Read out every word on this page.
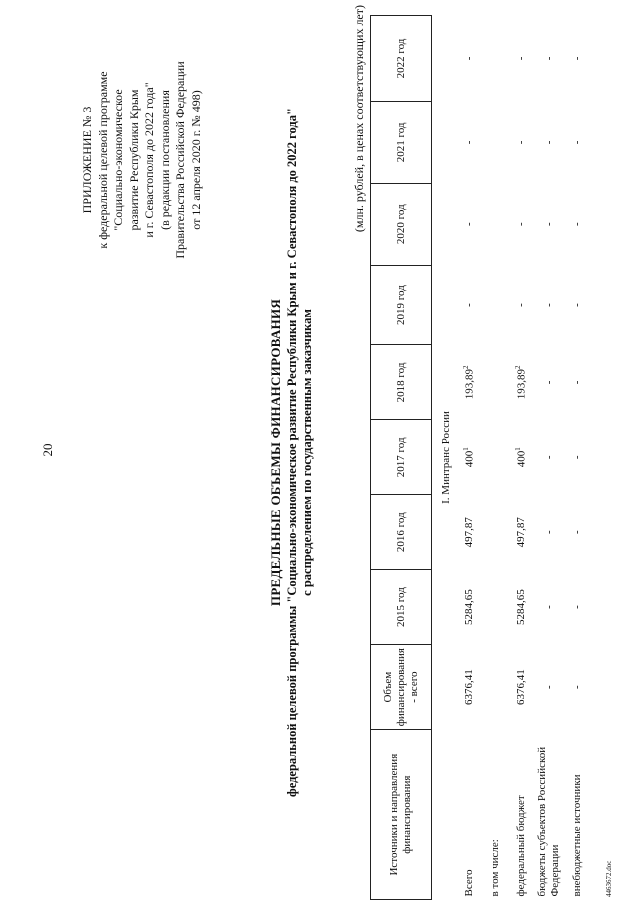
20
ПРИЛОЖЕНИЕ № 3 к федеральной целевой программе "Социально-экономическое развитие Республики Крым и г. Севастополя до 2022 года" (в редакции постановления Правительства Российской Федерации от 12 апреля 2020 г. № 498)
ПРЕДЕЛЬНЫЕ ОБЪЕМЫ ФИНАНСИРОВАНИЯ федеральной целевой программы "Социально-экономическое развитие Республики Крым и г. Севастополя до 2022 года" с распределением по государственным заказчикам
(млн. рублей, в ценах соответствующих лет)
Источники и направления финансирования	Объем финансирования - всего	2015 год	2016 год	2017 год	2018 год	2019 год	2020 год	2021 год	2022 год
I. Минтранс России									
Всего	6376,41	5284,65	497,87	$400^1$	193,89$^2$	-	-	-	-
в том числе:									
федеральный бюджет	6376,41	5284,65	497,87	$400^1$	193,89$^2$	-	-	-	-
бюджеты субъектов Российской Федерации	-	-	-	-	-	-	-	-	-
внебюджетные источники	-	-	-	-	-	-	-	-	-
4463672.doc
